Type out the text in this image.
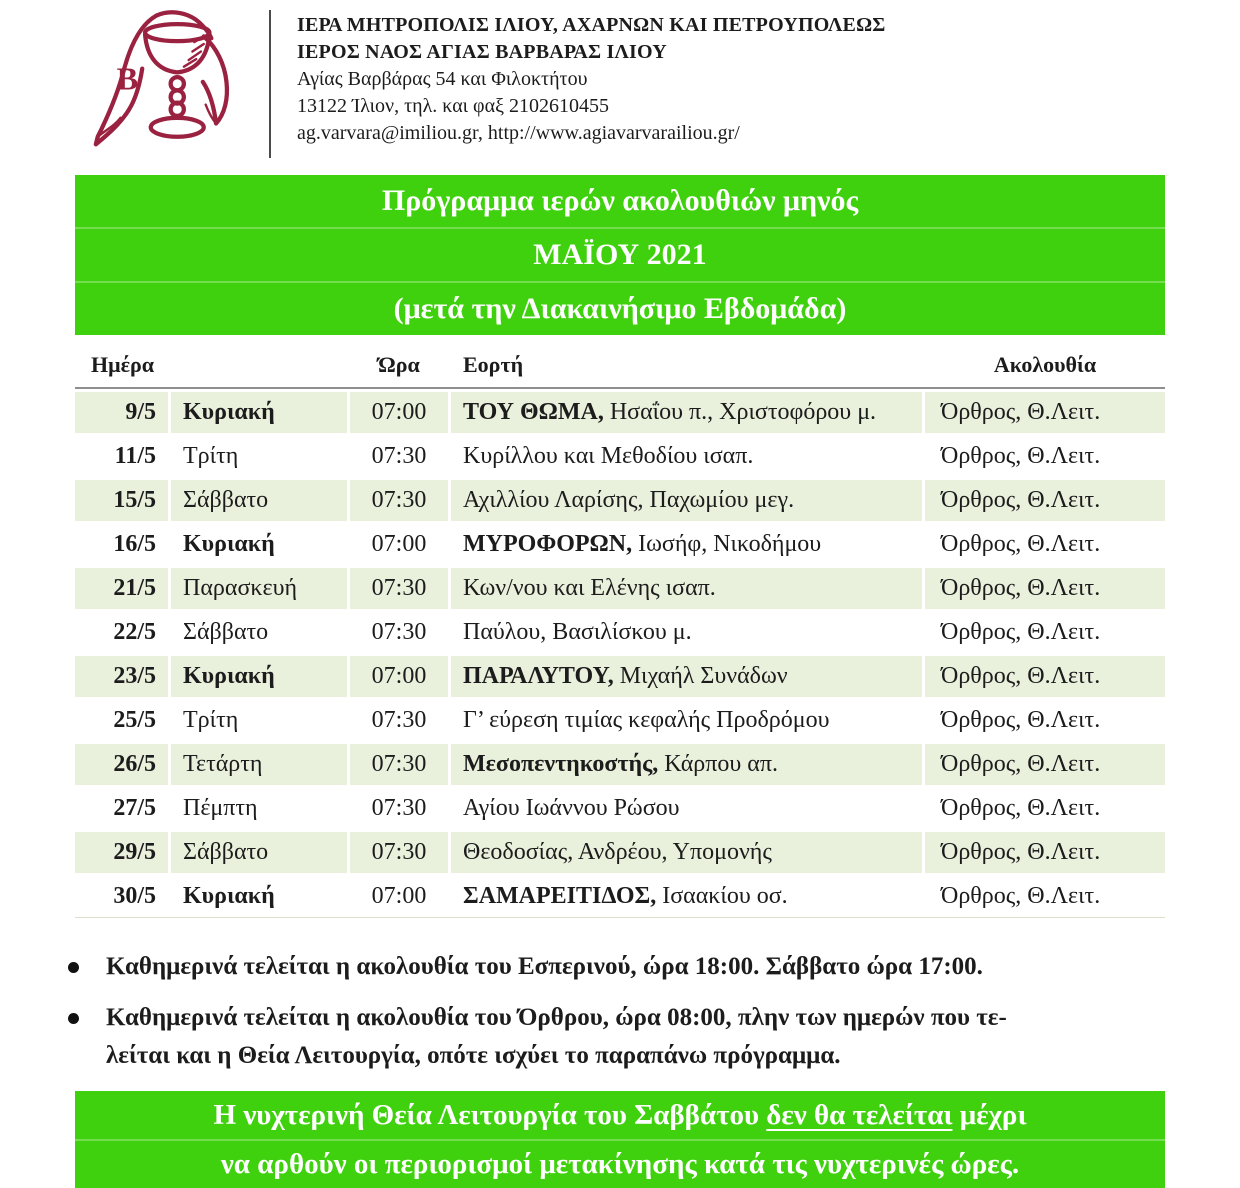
B
ΙΕΡΑ ΜΗΤΡΟΠΟΛΙΣ ΙΛΙΟΥ, ΑΧΑΡΝΩΝ ΚΑΙ ΠΕΤΡΟΥΠΟΛΕΩΣ
ΙΕΡΟΣ ΝΑΟΣ ΑΓΙΑΣ ΒΑΡΒΑΡΑΣ ΙΛΙΟΥ
Αγίας Βαρβάρας 54 και Φιλοκτήτου
13122 Ίλιον, τηλ. και φαξ 2102610455
ag.varvara@imiliou.gr, http://www.agiavarvarailiou.gr/
Πρόγραμμα ιερών ακολουθιών μηνός
ΜΑΪΟΥ 2021
(μετά την Διακαινήσιμο Εβδομάδα)
Ημέρα	Ώρα	Εορτή	Ακολουθία
9/5	Κυριακή	07:00	ΤΟΥ ΘΩΜΑ, Ησαΐου π., Χριστοφόρου μ.	Όρθρος, Θ.Λειτ.
11/5	Τρίτη	07:30	Κυρίλλου και Μεθοδίου ισαπ.	Όρθρος, Θ.Λειτ.
15/5	Σάββατο	07:30	Αχιλλίου Λαρίσης, Παχωμίου μεγ.	Όρθρος, Θ.Λειτ.
16/5	Κυριακή	07:00	ΜΥΡΟΦΟΡΩΝ, Ιωσήφ, Νικοδήμου	Όρθρος, Θ.Λειτ.
21/5	Παρασκευή	07:30	Κων/νου και Ελένης ισαπ.	Όρθρος, Θ.Λειτ.
22/5	Σάββατο	07:30	Παύλου, Βασιλίσκου μ.	Όρθρος, Θ.Λειτ.
23/5	Κυριακή	07:00	ΠΑΡΑΛΥΤΟΥ, Μιχαήλ Συνάδων	Όρθρος, Θ.Λειτ.
25/5	Τρίτη	07:30	Γ’ εύρεση τιμίας κεφαλής Προδρόμου	Όρθρος, Θ.Λειτ.
26/5	Τετάρτη	07:30	Μεσοπεντηκοστής, Κάρπου απ.	Όρθρος, Θ.Λειτ.
27/5	Πέμπτη	07:30	Αγίου Ιωάννου Ρώσου	Όρθρος, Θ.Λειτ.
29/5	Σάββατο	07:30	Θεοδοσίας, Ανδρέου, Υπομονής	Όρθρος, Θ.Λειτ.
30/5	Κυριακή	07:00	ΣΑΜΑΡΕΙΤΙΔΟΣ, Ισαακίου οσ.	Όρθρος, Θ.Λειτ.
Καθημερινά τελείται η ακολουθία του Εσπερινού, ώρα 18:00. Σάββατο ώρα 17:00.
Καθημερινά τελείται η ακολουθία του Όρθρου, ώρα 08:00, πλην των ημερών που τε-
λείται και η Θεία Λειτουργία, οπότε ισχύει το παραπάνω πρόγραμμα.
Η νυχτερινή Θεία Λειτουργία του Σαββάτου δεν θα τελείται μέχρι
να αρθούν οι περιορισμοί μετακίνησης κατά τις νυχτερινές ώρες.
